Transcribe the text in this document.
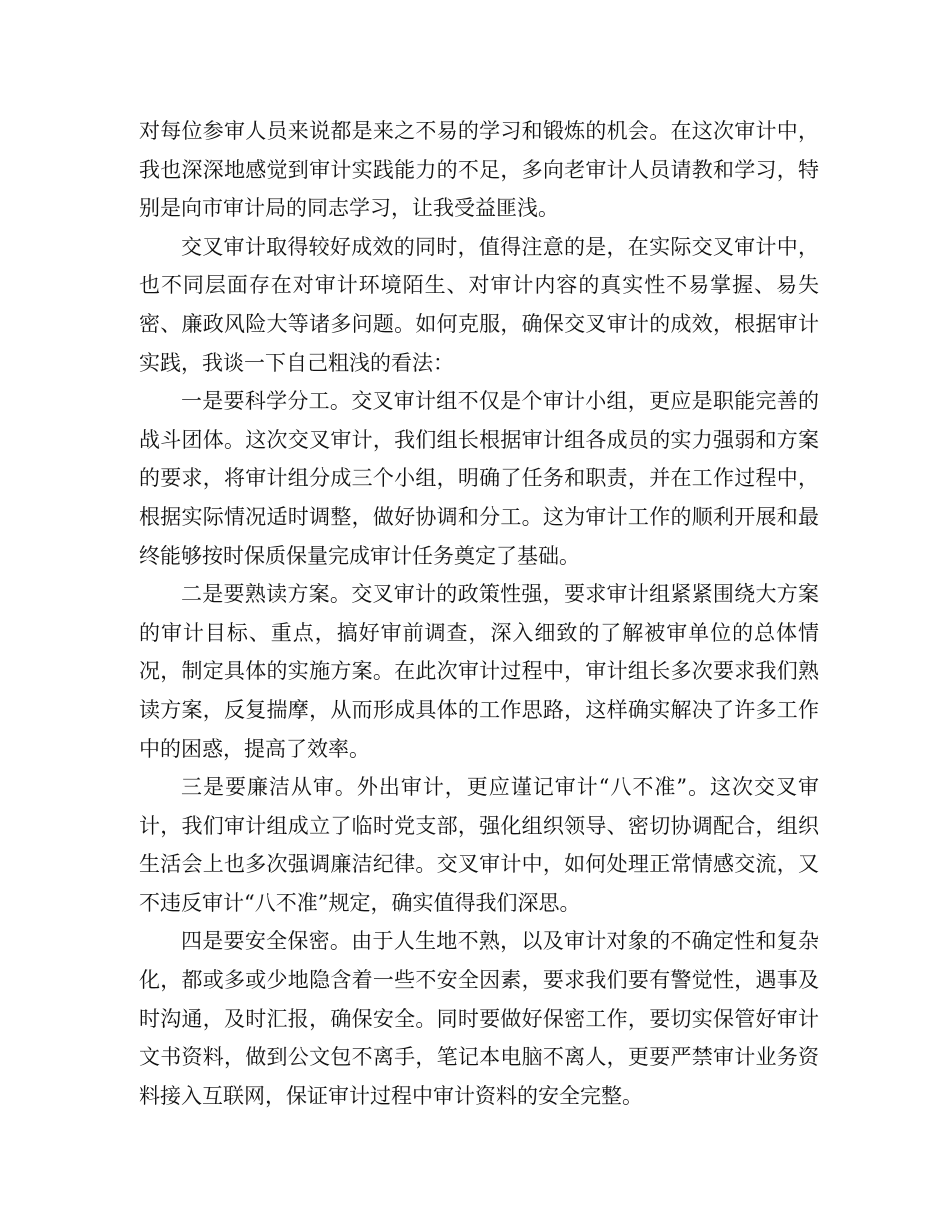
对每位参审人员来说都是来之不易的学习和锻炼的机会。在这次审计中，我也深深地感觉到审计实践能力的不足，多向老审计人员请教和学习，特别是向市审计局的同志学习，让我受益匪浅。

交叉审计取得较好成效的同时，值得注意的是，在实际交叉审计中，也不同层面存在对审计环境陌生、对审计内容的真实性不易掌握、易失密、廉政风险大等诸多问题。如何克服，确保交叉审计的成效，根据审计实践，我谈一下自己粗浅的看法：

一是要科学分工。交叉审计组不仅是个审计小组，更应是职能完善的战斗团体。这次交叉审计，我们组长根据审计组各成员的实力强弱和方案的要求，将审计组分成三个小组，明确了任务和职责，并在工作过程中，根据实际情况适时调整，做好协调和分工。这为审计工作的顺利开展和最终能够按时保质保量完成审计任务奠定了基础。

二是要熟读方案。交叉审计的政策性强，要求审计组紧紧围绕大方案的审计目标、重点，搞好审前调查，深入细致的了解被审单位的总体情况，制定具体的实施方案。在此次审计过程中，审计组长多次要求我们熟读方案，反复揣摩，从而形成具体的工作思路，这样确实解决了许多工作中的困惑，提高了效率。

三是要廉洁从审。外出审计，更应谨记审计“八不准”。这次交叉审计，我们审计组成立了临时党支部，强化组织领导、密切协调配合，组织生活会上也多次强调廉洁纪律。交叉审计中，如何处理正常情感交流，又不违反审计“八不准”规定，确实值得我们深思。

四是要安全保密。由于人生地不熟，以及审计对象的不确定性和复杂化，都或多或少地隐含着一些不安全因素，要求我们要有警觉性，遇事及时沟通，及时汇报，确保安全。同时要做好保密工作，要切实保管好审计文书资料，做到公文包不离手，笔记本电脑不离人，更要严禁审计业务资料接入互联网，保证审计过程中审计资料的安全完整。
